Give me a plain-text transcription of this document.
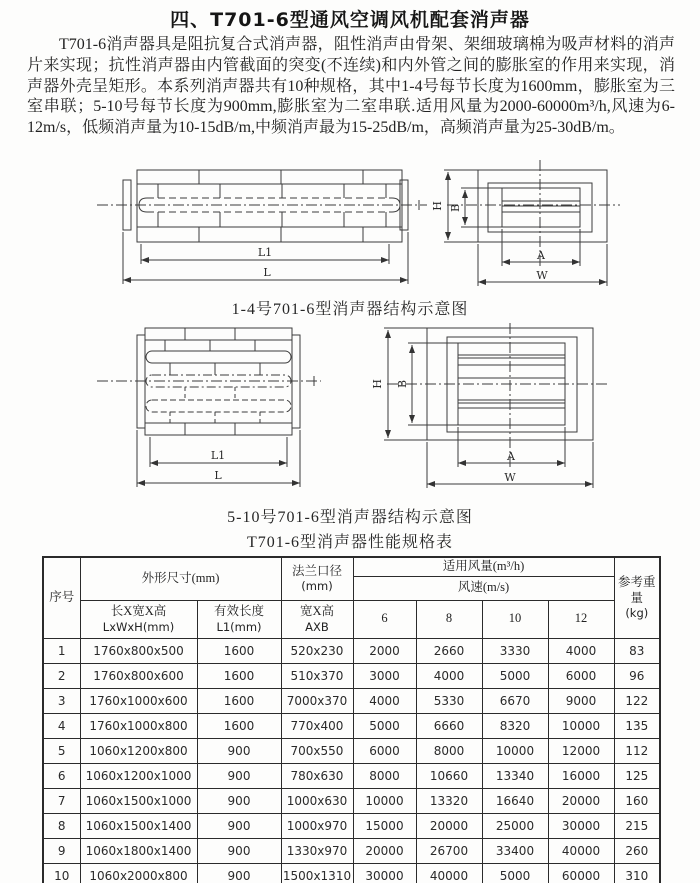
四、T701-6型通风空调风机配套消声器
T701-6消声器具是阻抗复合式消声器，阻性消声由骨架、架细玻璃棉为吸声材料的消声片来实现；抗性消声器由内管截面的突变(不连续)和内外管之间的膨胀室的作用来实现，消声器外壳呈矩形。本系列消声器共有10种规格，其中1-4号每节长度为1600mm，膨胀室为三室串联；5-10号每节长度为900mm,膨胀室为二室串联.适用风量为2000-60000m³/h,风速为6-12m/s，低频消声量为10-15dB/m,中频消声最为15-25dB/m，高频消声量为25-30dB/m。
L1
L
H B
A
W
1-4号701-6型消声器结构示意图
L1
L
H B
A
W
5-10号701-6型消声器结构示意图
T701-6型消声器性能规格表
序号	外形尺寸(mm)	
法兰口径
(mm)
	适用风量(m³/h)	
参考重量
(kg)

				风速(m/s)				

长X宽X高
LxWxH(mm)

有效长度
L1(mm)

宽X高
AXB
	6	8	10	12
1	1760x800x500	1600	520x230	2000	2660	3330	4000	83
2	1760x800x600	1600	510x370	3000	4000	5000	6000	96
3	1760x1000x600	1600	7000x370	4000	5330	6670	9000	122
4	1760x1000x800	1600	770x400	5000	6660	8320	10000	135
5	1060x1200x800	900	700x550	6000	8000	10000	12000	112
6	1060x1200x1000	900	780x630	8000	10660	13340	16000	125
7	1060x1500x1000	900	1000x630	10000	13320	16640	20000	160
8	1060x1500x1400	900	1000x970	15000	20000	25000	30000	215
9	1060x1800x1400	900	1330x970	20000	26700	33400	40000	260
10	1060x2000x800	900	1500x1310	30000	40000	5000	60000	310
